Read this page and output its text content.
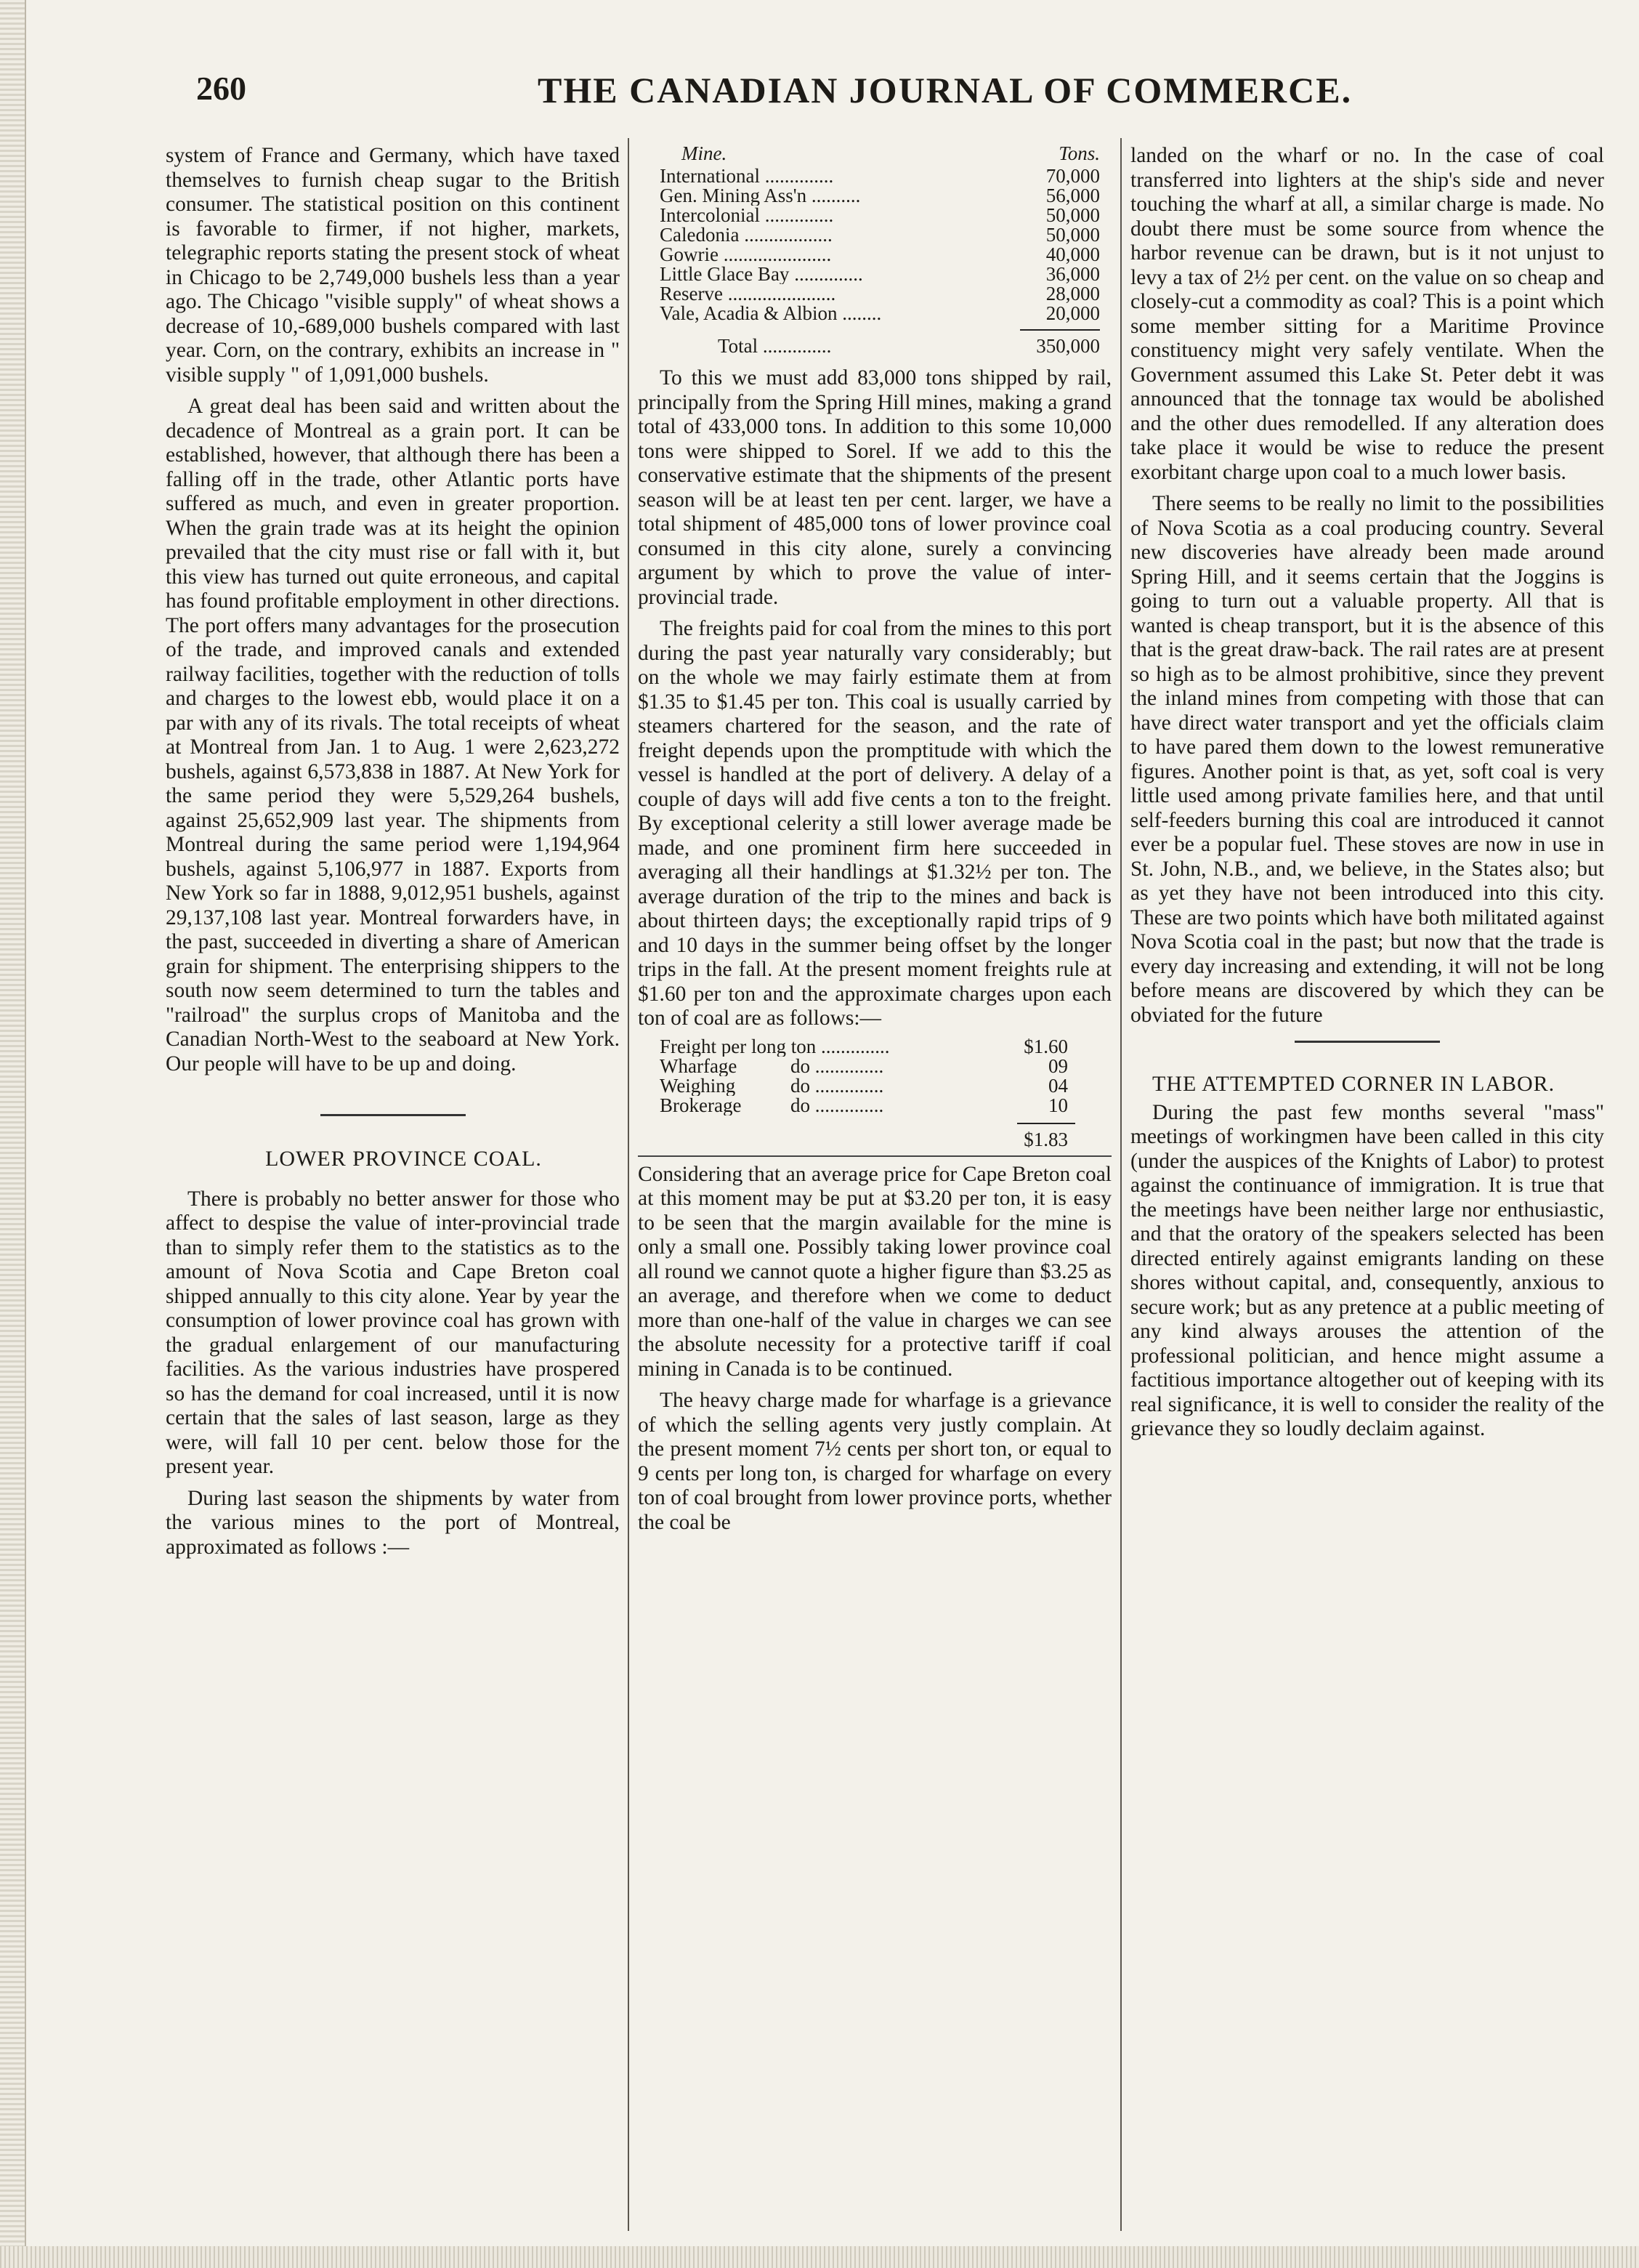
260	THE CANADIAN JOURNAL OF COMMERCE.

system of France and Germany, which have taxed themselves to furnish cheap sugar to the British consumer. The statistical position on this continent is favorable to firmer, if not higher, markets, telegraphic reports stating the present stock of wheat in Chicago to be 2,749,000 bushels less than a year ago. The Chicago "visible supply" of wheat shows a decrease of 10,-689,000 bushels compared with last year. Corn, on the contrary, exhibits an increase in " visible supply " of 1,091,000 bushels.

A great deal has been said and written about the decadence of Montreal as a grain port. It can be established, however, that although there has been a falling off in the trade, other Atlantic ports have suffered as much, and even in greater proportion. When the grain trade was at its height the opinion prevailed that the city must rise or fall with it, but this view has turned out quite erroneous, and capital has found profitable employment in other directions. The port offers many advantages for the prosecution of the trade, and improved canals and extended railway facilities, together with the reduction of tolls and charges to the lowest ebb, would place it on a par with any of its rivals. The total receipts of wheat at Montreal from Jan. 1 to Aug. 1 were 2,623,272 bushels, against 6,573,838 in 1887. At New York for the same period they were 5,529,264 bushels, against 25,652,909 last year. The shipments from Montreal during the same period were 1,194,964 bushels, against 5,106,977 in 1887. Exports from New York so far in 1888, 9,012,951 bushels, against 29,137,108 last year. Montreal forwarders have, in the past, succeeded in diverting a share of American grain for shipment. The enterprising shippers to the south now seem determined to turn the tables and "railroad" the surplus crops of Manitoba and the Canadian North-West to the seaboard at New York. Our people will have to be up and doing.

LOWER PROVINCE COAL.

There is probably no better answer for those who affect to despise the value of inter-provincial trade than to simply refer them to the statistics as to the amount of Nova Scotia and Cape Breton coal shipped annually to this city alone. Year by year the consumption of lower province coal has grown with the gradual enlargement of our manufacturing facilities. As the various industries have prospered so has the demand for coal increased, until it is now certain that the sales of last season, large as they were, will fall 10 per cent. below those for the present year.

During last season the shipments by water from the various mines to the port of Montreal, approximated as follows :—

Mine.	Tons.
International ..............	70,000
Gen. Mining Ass'n ..........	56,000
Intercolonial ..............	50,000
Caledonia ..................	50,000
Gowrie ......................	40,000
Little Glace Bay ..............	36,000
Reserve ......................	28,000
Vale, Acadia & Albion ........	20,000

Total ..............	350,000

To this we must add 83,000 tons shipped by rail, principally from the Spring Hill mines, making a grand total of 433,000 tons. In addition to this some 10,000 tons were shipped to Sorel. If we add to this the conservative estimate that the shipments of the present season will be at least ten per cent. larger, we have a total shipment of 485,000 tons of lower province coal consumed in this city alone, surely a convincing argument by which to prove the value of inter-provincial trade.

The freights paid for coal from the mines to this port during the past year naturally vary considerably; but on the whole we may fairly estimate them at from $1.35 to $1.45 per ton. This coal is usually carried by steamers chartered for the season, and the rate of freight depends upon the promptitude with which the vessel is handled at the port of delivery. A delay of a couple of days will add five cents a ton to the freight. By exceptional celerity a still lower average made be made, and one prominent firm here succeeded in averaging all their handlings at $1.32½ per ton. The average duration of the trip to the mines and back is about thirteen days; the exceptionally rapid trips of 9 and 10 days in the summer being offset by the longer trips in the fall. At the present moment freights rule at $1.60 per ton and the approximate charges upon each ton of coal are as follows:—

Freight per long ton ..............	$1.60
Wharfage do ..............	09
Weighing do ..............	04
Brokerage do ..............	10

	$1.83

Considering that an average price for Cape Breton coal at this moment may be put at $3.20 per ton, it is easy to be seen that the margin available for the mine is only a small one. Possibly taking lower province coal all round we cannot quote a higher figure than $3.25 as an average, and therefore when we come to deduct more than one-half of the value in charges we can see the absolute necessity for a protective tariff if coal mining in Canada is to be continued.

The heavy charge made for wharfage is a grievance of which the selling agents very justly complain. At the present moment 7½ cents per short ton, or equal to 9 cents per long ton, is charged for wharfage on every ton of coal brought from lower province ports, whether the coal be

landed on the wharf or no. In the case of coal transferred into lighters at the ship's side and never touching the wharf at all, a similar charge is made. No doubt there must be some source from whence the harbor revenue can be drawn, but is it not unjust to levy a tax of 2½ per cent. on the value on so cheap and closely-cut a commodity as coal? This is a point which some member sitting for a Maritime Province constituency might very safely ventilate. When the Government assumed this Lake St. Peter debt it was announced that the tonnage tax would be abolished and the other dues remodelled. If any alteration does take place it would be wise to reduce the present exorbitant charge upon coal to a much lower basis.

There seems to be really no limit to the possibilities of Nova Scotia as a coal producing country. Several new discoveries have already been made around Spring Hill, and it seems certain that the Joggins is going to turn out a valuable property. All that is wanted is cheap transport, but it is the absence of this that is the great draw-back. The rail rates are at present so high as to be almost prohibitive, since they prevent the inland mines from competing with those that can have direct water transport and yet the officials claim to have pared them down to the lowest remunerative figures. Another point is that, as yet, soft coal is very little used among private families here, and that until self-feeders burning this coal are introduced it cannot ever be a popular fuel. These stoves are now in use in St. John, N.B., and, we believe, in the States also; but as yet they have not been introduced into this city. These are two points which have both militated against Nova Scotia coal in the past; but now that the trade is every day increasing and extending, it will not be long before means are discovered by which they can be obviated for the future

THE ATTEMPTED CORNER IN LABOR.

During the past few months several "mass" meetings of workingmen have been called in this city (under the auspices of the Knights of Labor) to protest against the continuance of immigration. It is true that the meetings have been neither large nor enthusiastic, and that the oratory of the speakers selected has been directed entirely against emigrants landing on these shores without capital, and, consequently, anxious to secure work; but as any pretence at a public meeting of any kind always arouses the attention of the professional politician, and hence might assume a factitious importance altogether out of keeping with its real significance, it is well to consider the reality of the grievance they so loudly declaim against.
